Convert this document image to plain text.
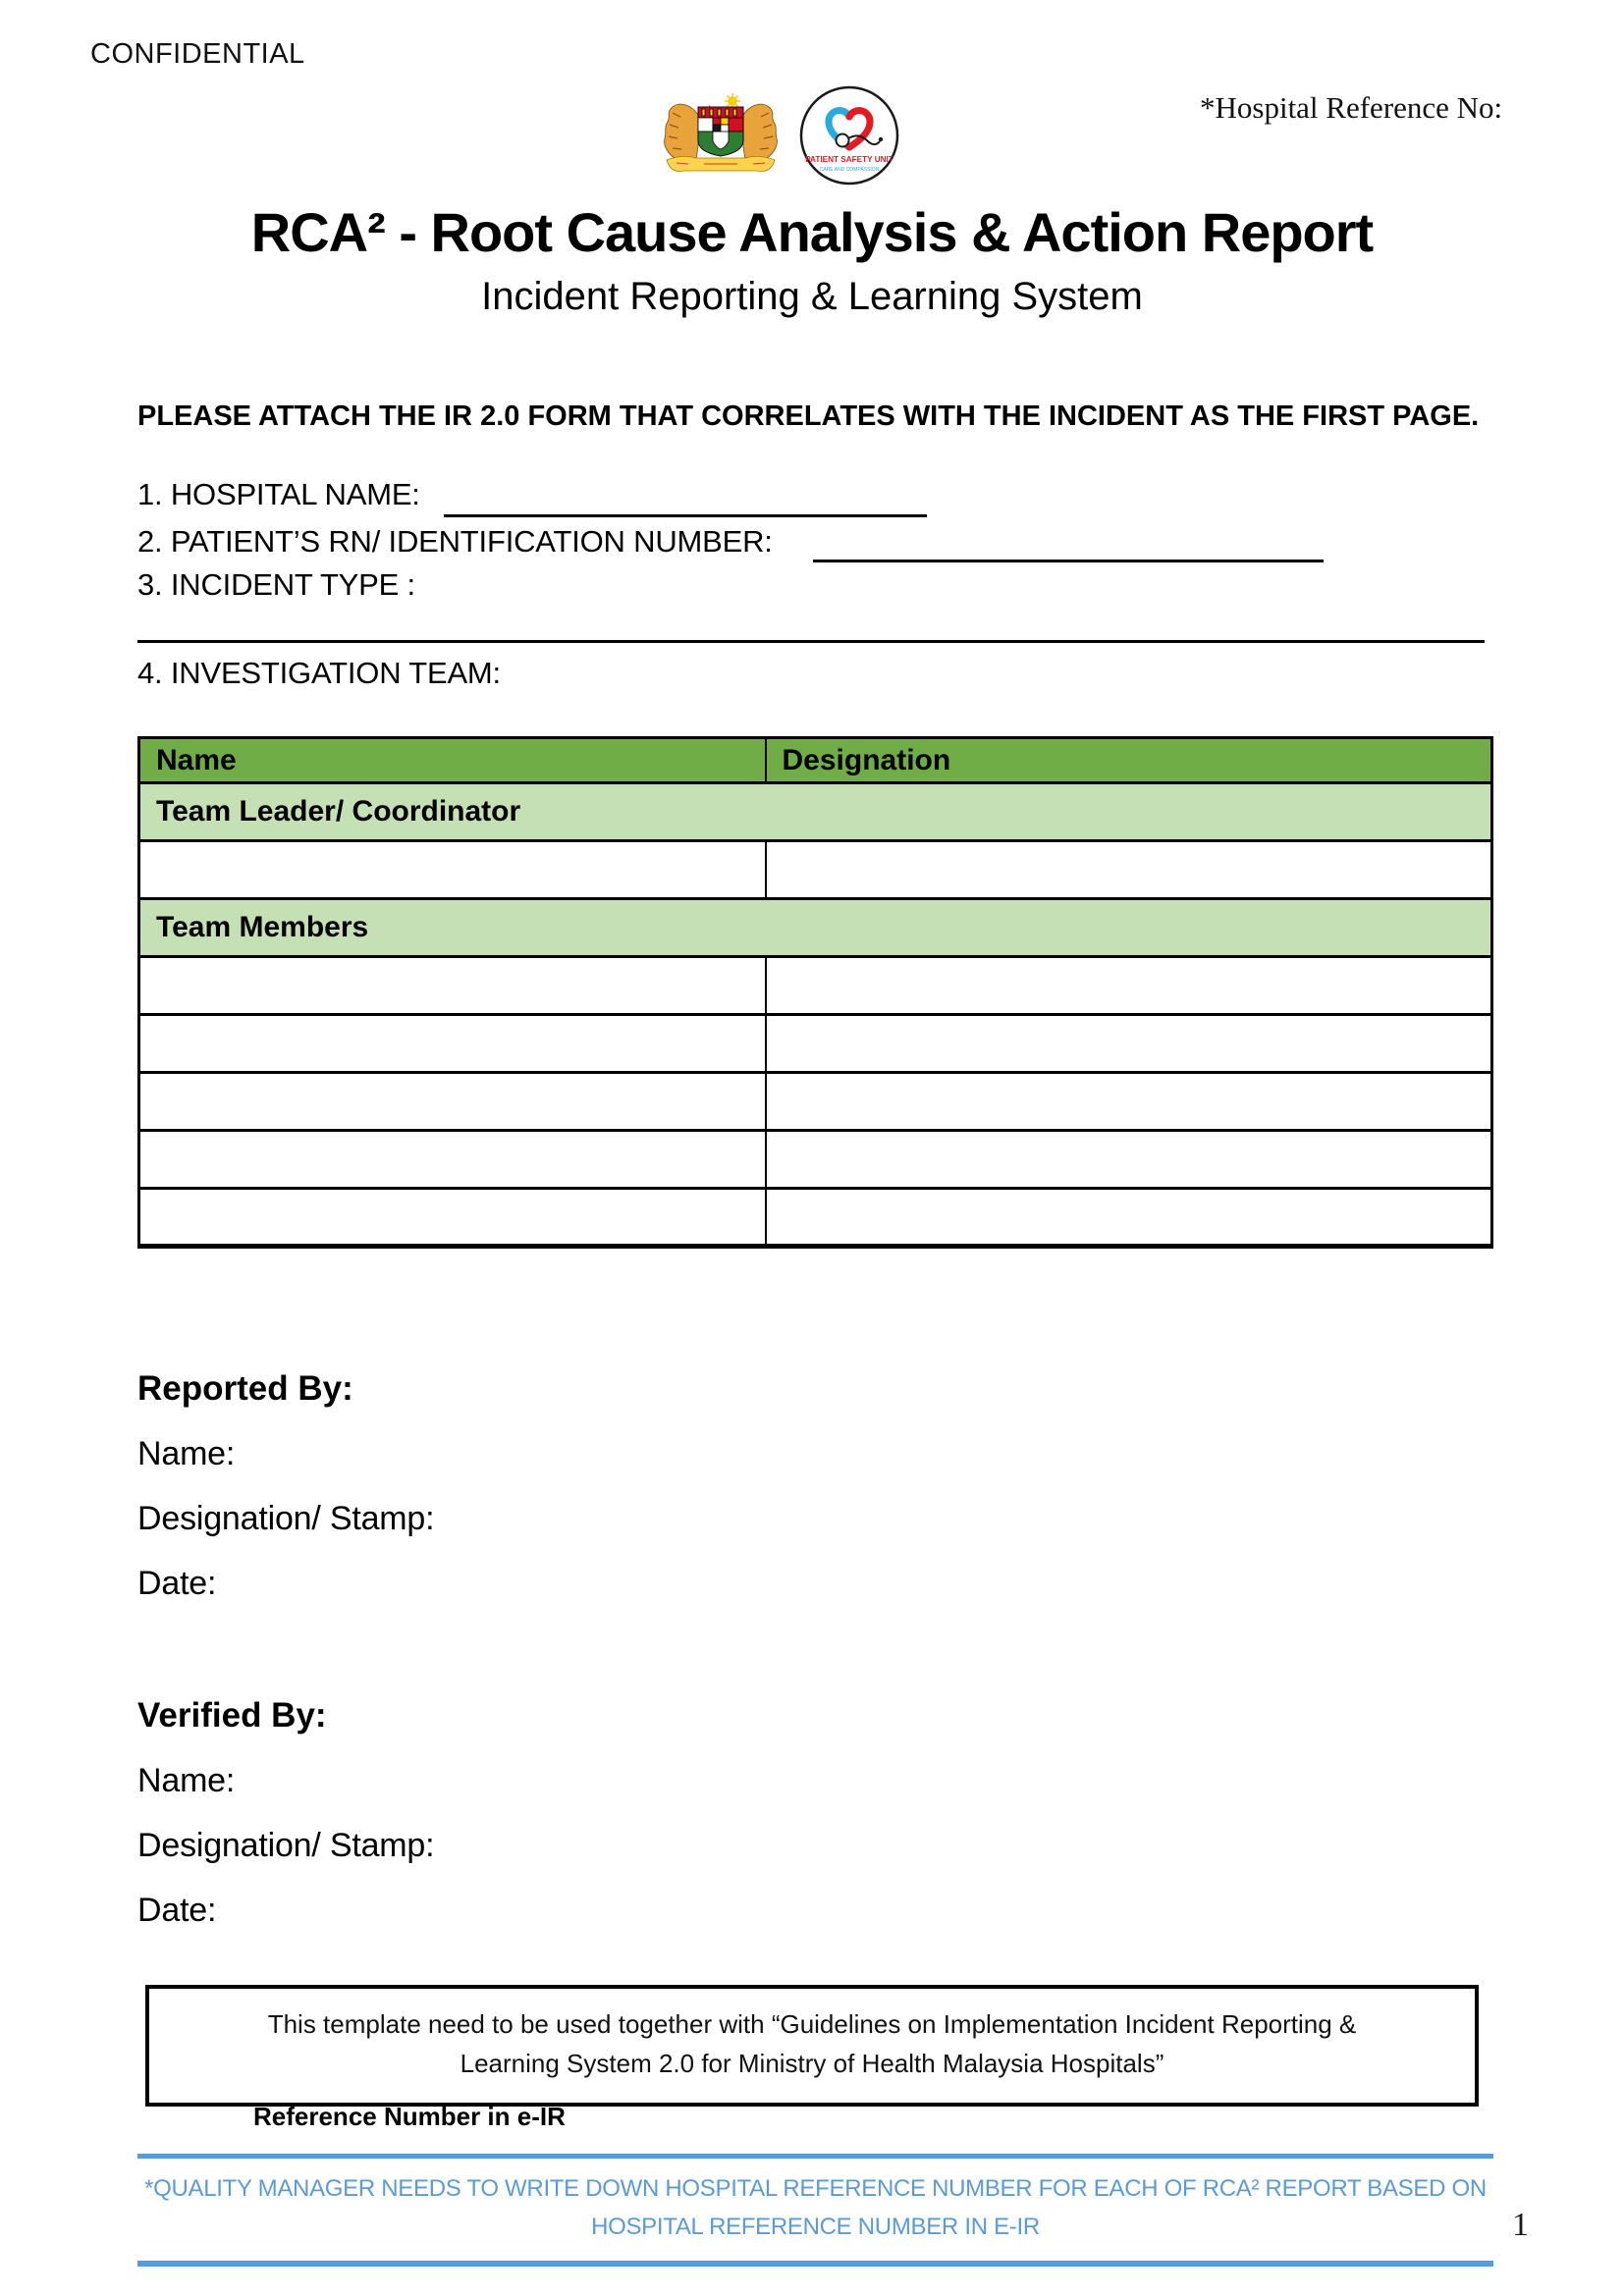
CONFIDENTIAL
*Hospital Reference No:
PATIENT SAFETY UNIT
CARE AND COMPASSION
RCA² - Root Cause Analysis & Action Report
Incident Reporting & Learning System
PLEASE ATTACH THE IR 2.0 FORM THAT CORRELATES WITH THE INCIDENT AS THE FIRST PAGE.
1. HOSPITAL NAME:
2. PATIENT’S RN/ IDENTIFICATION NUMBER:
3. INCIDENT TYPE :
4. INVESTIGATION TEAM:
Name	Designation
Team Leader/ Coordinator	

Team Members	

Reported By:
Name:
Designation/ Stamp:
Date:
Verified By:
Name:
Designation/ Stamp:
Date:
This template need to be used together with “Guidelines on Implementation Incident Reporting &
Learning System 2.0 for Ministry of Health Malaysia Hospitals”
Reference Number in e-IR
*QUALITY MANAGER NEEDS TO WRITE DOWN HOSPITAL REFERENCE NUMBER FOR EACH OF RCA² REPORT BASED ON
HOSPITAL REFERENCE NUMBER IN E-IR	1
